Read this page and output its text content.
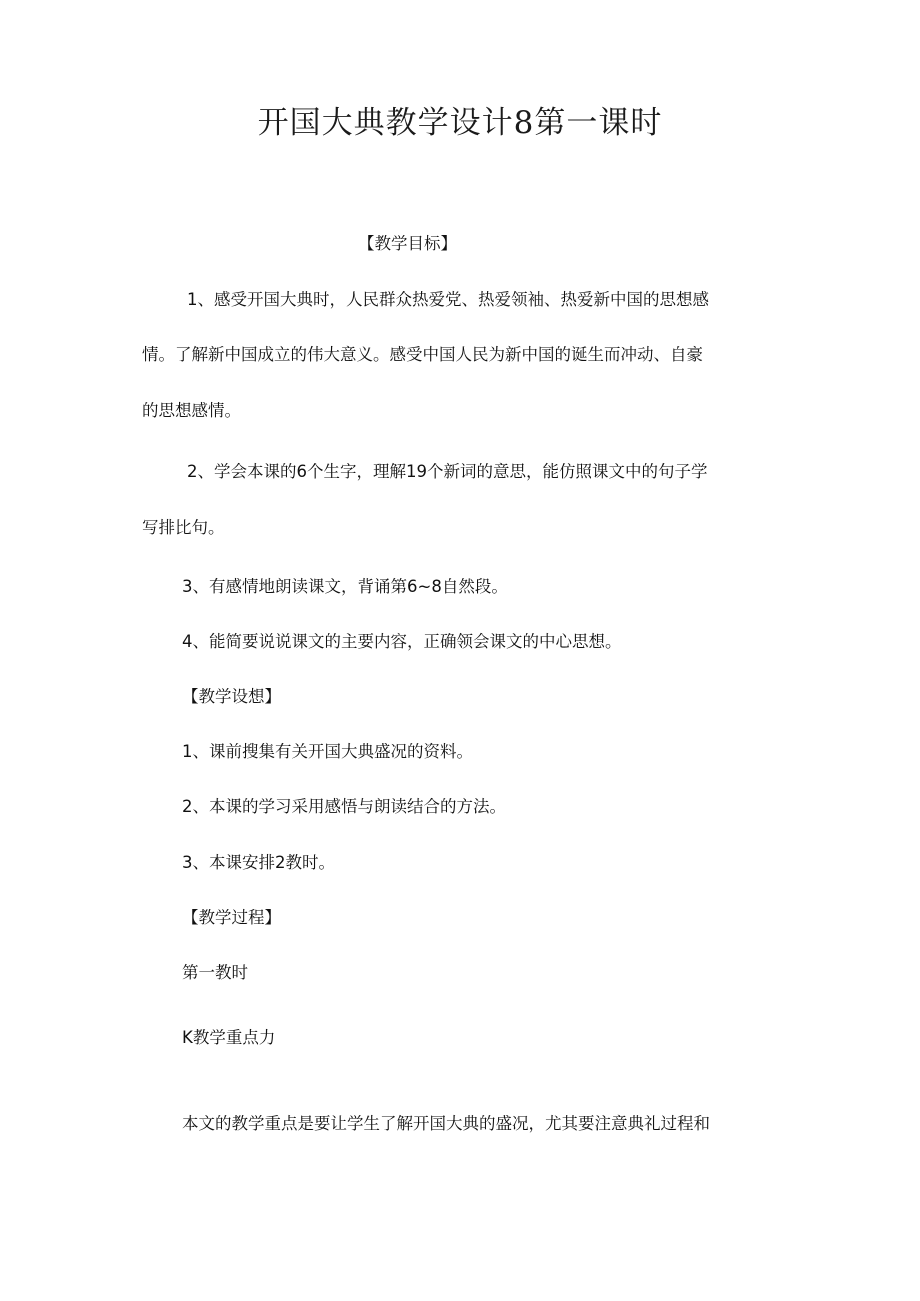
开国大典教学设计8第一课时
【教学目标】
1、感受开国大典时，人民群众热爱党、热爱领袖、热爱新中国的思想感
情。了解新中国成立的伟大意义。感受中国人民为新中国的诞生而冲动、自豪
的思想感情。
2、学会本课的6个生字，理解19个新词的意思，能仿照课文中的句子学
写排比句。
3、有感情地朗读课文，背诵第6~8自然段。
4、能简要说说课文的主要内容，正确领会课文的中心思想。
【教学设想】
1、课前搜集有关开国大典盛况的资料。
2、本课的学习采用感悟与朗读结合的方法。
3、本课安排2教时。
【教学过程】
第一教时
K教学重点力
本文的教学重点是要让学生了解开国大典的盛况，尤其要注意典礼过程和
